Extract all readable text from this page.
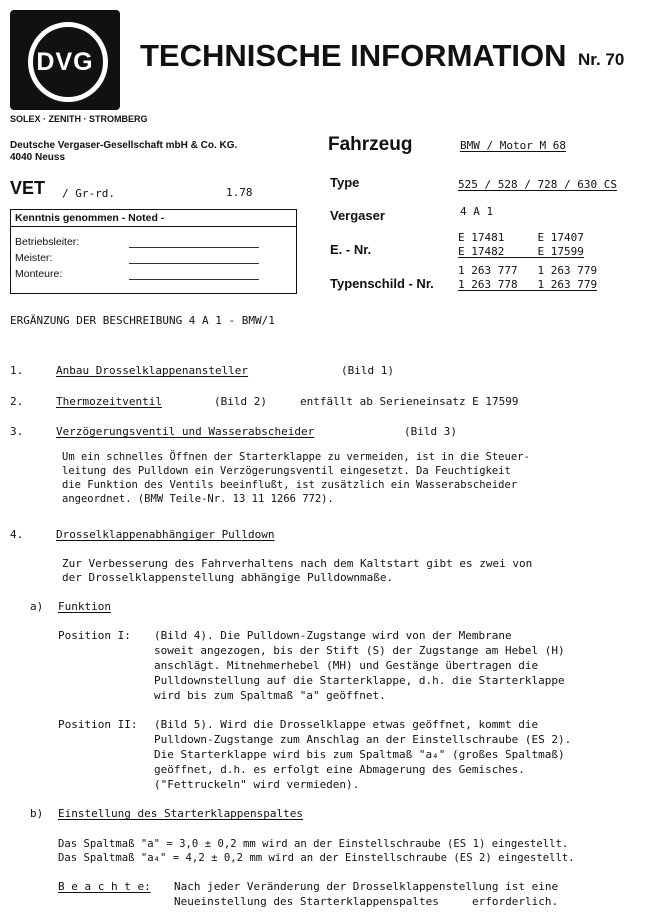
DVG
SOLEX · ZENITH · STROMBERG
TECHNISCHE INFORMATION Nr. 70
Deutsche Vergaser-Gesellschaft mbH & Co. KG.
4040 Neuss
VET / Gr-rd.	1.78
Kenntnis genommen - Noted -
Betriebsleiter:
Meister:
Monteure:
Fahrzeug	BMW / Motor M 68
Type	525 / 528 / 728 / 630 CS
Vergaser	4 A 1
E. - Nr.
E 17481     E 17407
E 17482     E 17599
Typenschild - Nr.
1 263 777   1 263 779
1 263 778   1 263 779
ERGÄNZUNG DER BESCHREIBUNG 4 A 1 - BMW/1
1.	Anbau Drosselklappenansteller	(Bild 1)
2.	Thermozeitventil	(Bild 2)	entfällt ab Serieneinsatz E 17599
3.	Verzögerungsventil und Wasserabscheider	(Bild 3)
Um ein schnelles Öffnen der Starterklappe zu vermeiden, ist in die Steuer-
leitung des Pulldown ein Verzögerungsventil eingesetzt. Da Feuchtigkeit
die Funktion des Ventils beeinflußt, ist zusätzlich ein Wasserabscheider
angeordnet. (BMW Teile-Nr. 13 11 1266 772).
4.	Drosselklappenabhängiger Pulldown
Zur Verbesserung des Fahrverhaltens nach dem Kaltstart gibt es zwei von
der Drosselklappenstellung abhängige Pulldownmaße.
a) Funktion
Position I: (Bild 4). Die Pulldown-Zugstange wird von der Membrane
soweit angezogen, bis der Stift (S) der Zugstange am Hebel (H)
anschlägt. Mitnehmerhebel (MH) und Gestänge übertragen die
Pulldownstellung auf die Starterklappe, d.h. die Starterklappe
wird bis zum Spaltmaß "a" geöffnet.
Position II: (Bild 5). Wird die Drosselklappe etwas geöffnet, kommt die
Pulldown-Zugstange zum Anschlag an der Einstellschraube (ES 2).
Die Starterklappe wird bis zum Spaltmaß "a₄" (großes Spaltmaß)
geöffnet, d.h. es erfolgt eine Abmagerung des Gemisches.
("Fettruckeln" wird vermieden).
b) Einstellung des Starterklappenspaltes
Das Spaltmaß "a" = 3,0 ± 0,2 mm wird an der Einstellschraube (ES 1) eingestellt.
Das Spaltmaß "a₄" = 4,2 ± 0,2 mm wird an der Einstellschraube (ES 2) eingestellt.
B e a c h t e: Nach jeder Veränderung der Drosselklappenstellung ist eine
Neueinstellung des Starterklappenspaltes     erforderlich.
